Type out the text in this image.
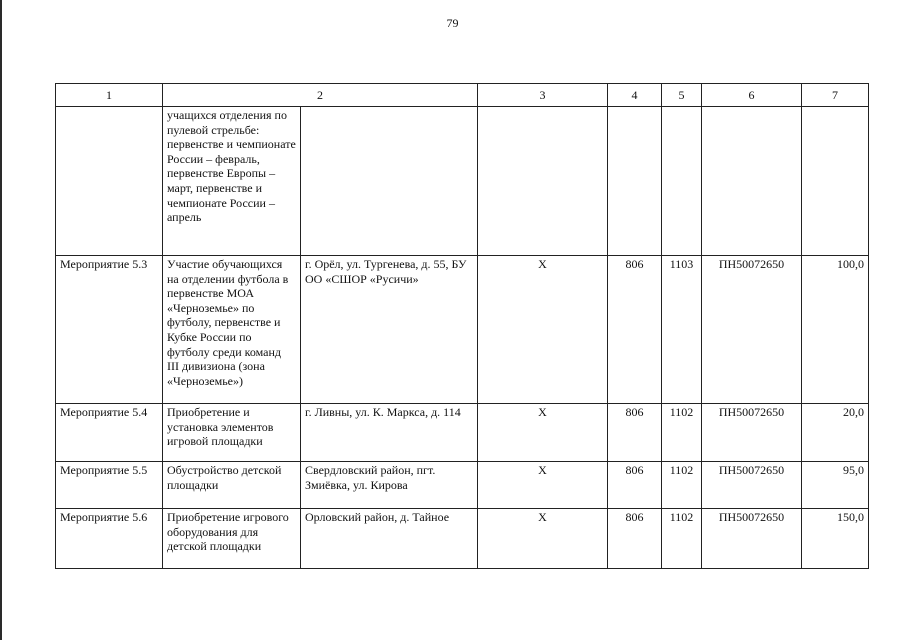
79
1	2		3	4	5	6	7
	учащихся отделения по пулевой стрельбе: первенстве и чемпионате России – февраль, первенстве Европы – март, первенстве и чемпионате России – апрель						
Мероприятие 5.3	Участие обучающихся на отделении футбола в первенстве МОА «Черноземье» по футболу, первенстве и Кубке России по футболу среди команд III дивизиона (зона «Черноземье»)	г. Орёл, ул. Тургенева, д. 55, БУ ОО «СШОР «Русичи»	Х	806	1103	ПН50072650	100,0
Мероприятие 5.4	Приобретение и установка элементов игровой площадки	г. Ливны, ул. К. Маркса, д. 114	Х	806	1102	ПН50072650	20,0
Мероприятие 5.5	Обустройство детской площадки	Свердловский район, пгт. Змиёвка, ул. Кирова	Х	806	1102	ПН50072650	95,0
Мероприятие 5.6	Приобретение игрового оборудования для детской площадки	Орловский район, д. Тайное	Х	806	1102	ПН50072650	150,0
